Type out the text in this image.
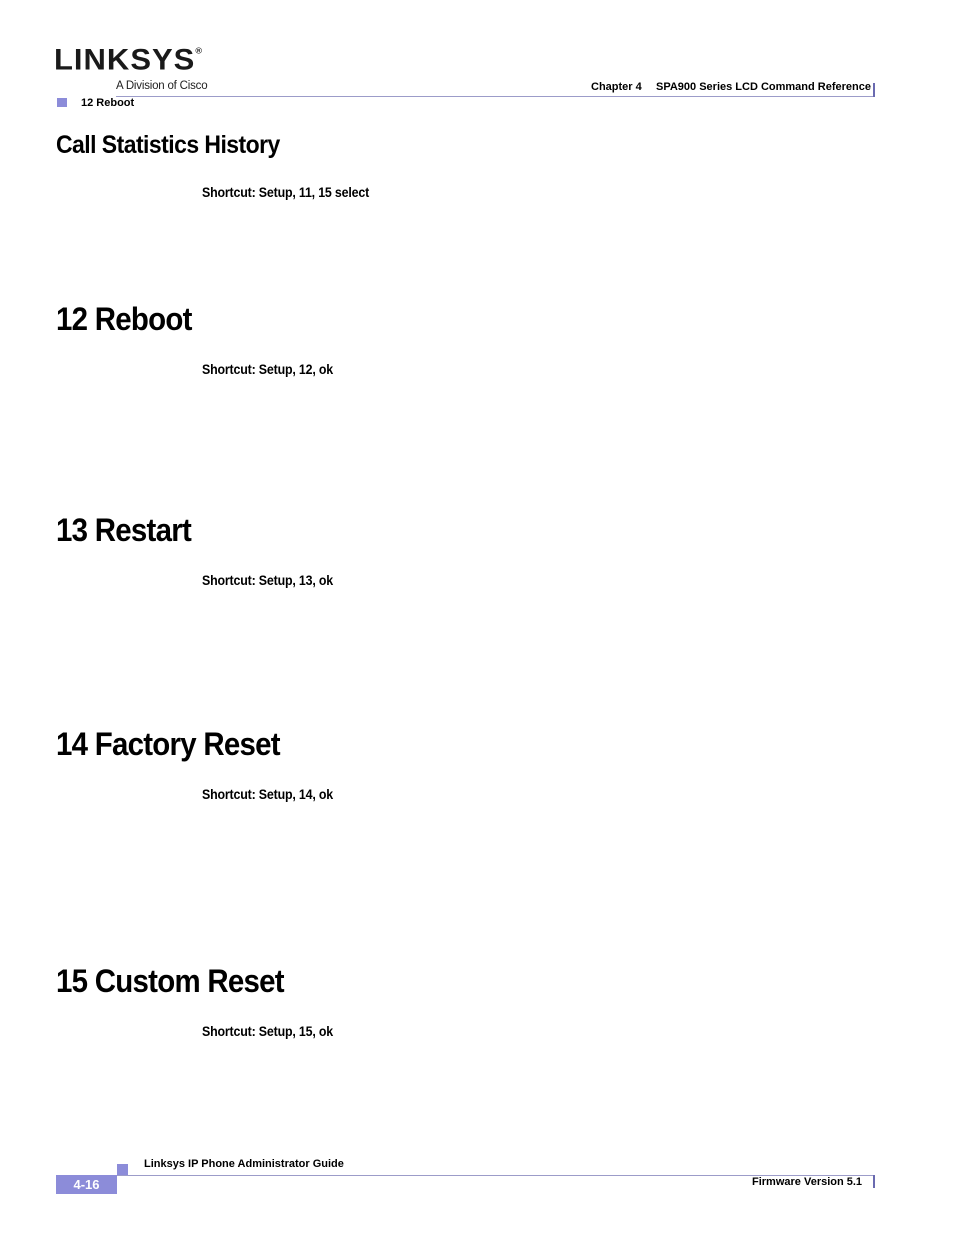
LINKSYS®
A Division of Cisco	Chapter 4 SPA900 Series LCD Command Reference
12 Reboot
Call Statistics History
Shortcut: Setup, 11, 15 select
12 Reboot
Shortcut: Setup, 12, ok
13 Restart
Shortcut: Setup, 13, ok
14 Factory Reset
Shortcut: Setup, 14, ok
15 Custom Reset
Shortcut: Setup, 15, ok
Linksys IP Phone Administrator Guide
4-16	Firmware Version 5.1
